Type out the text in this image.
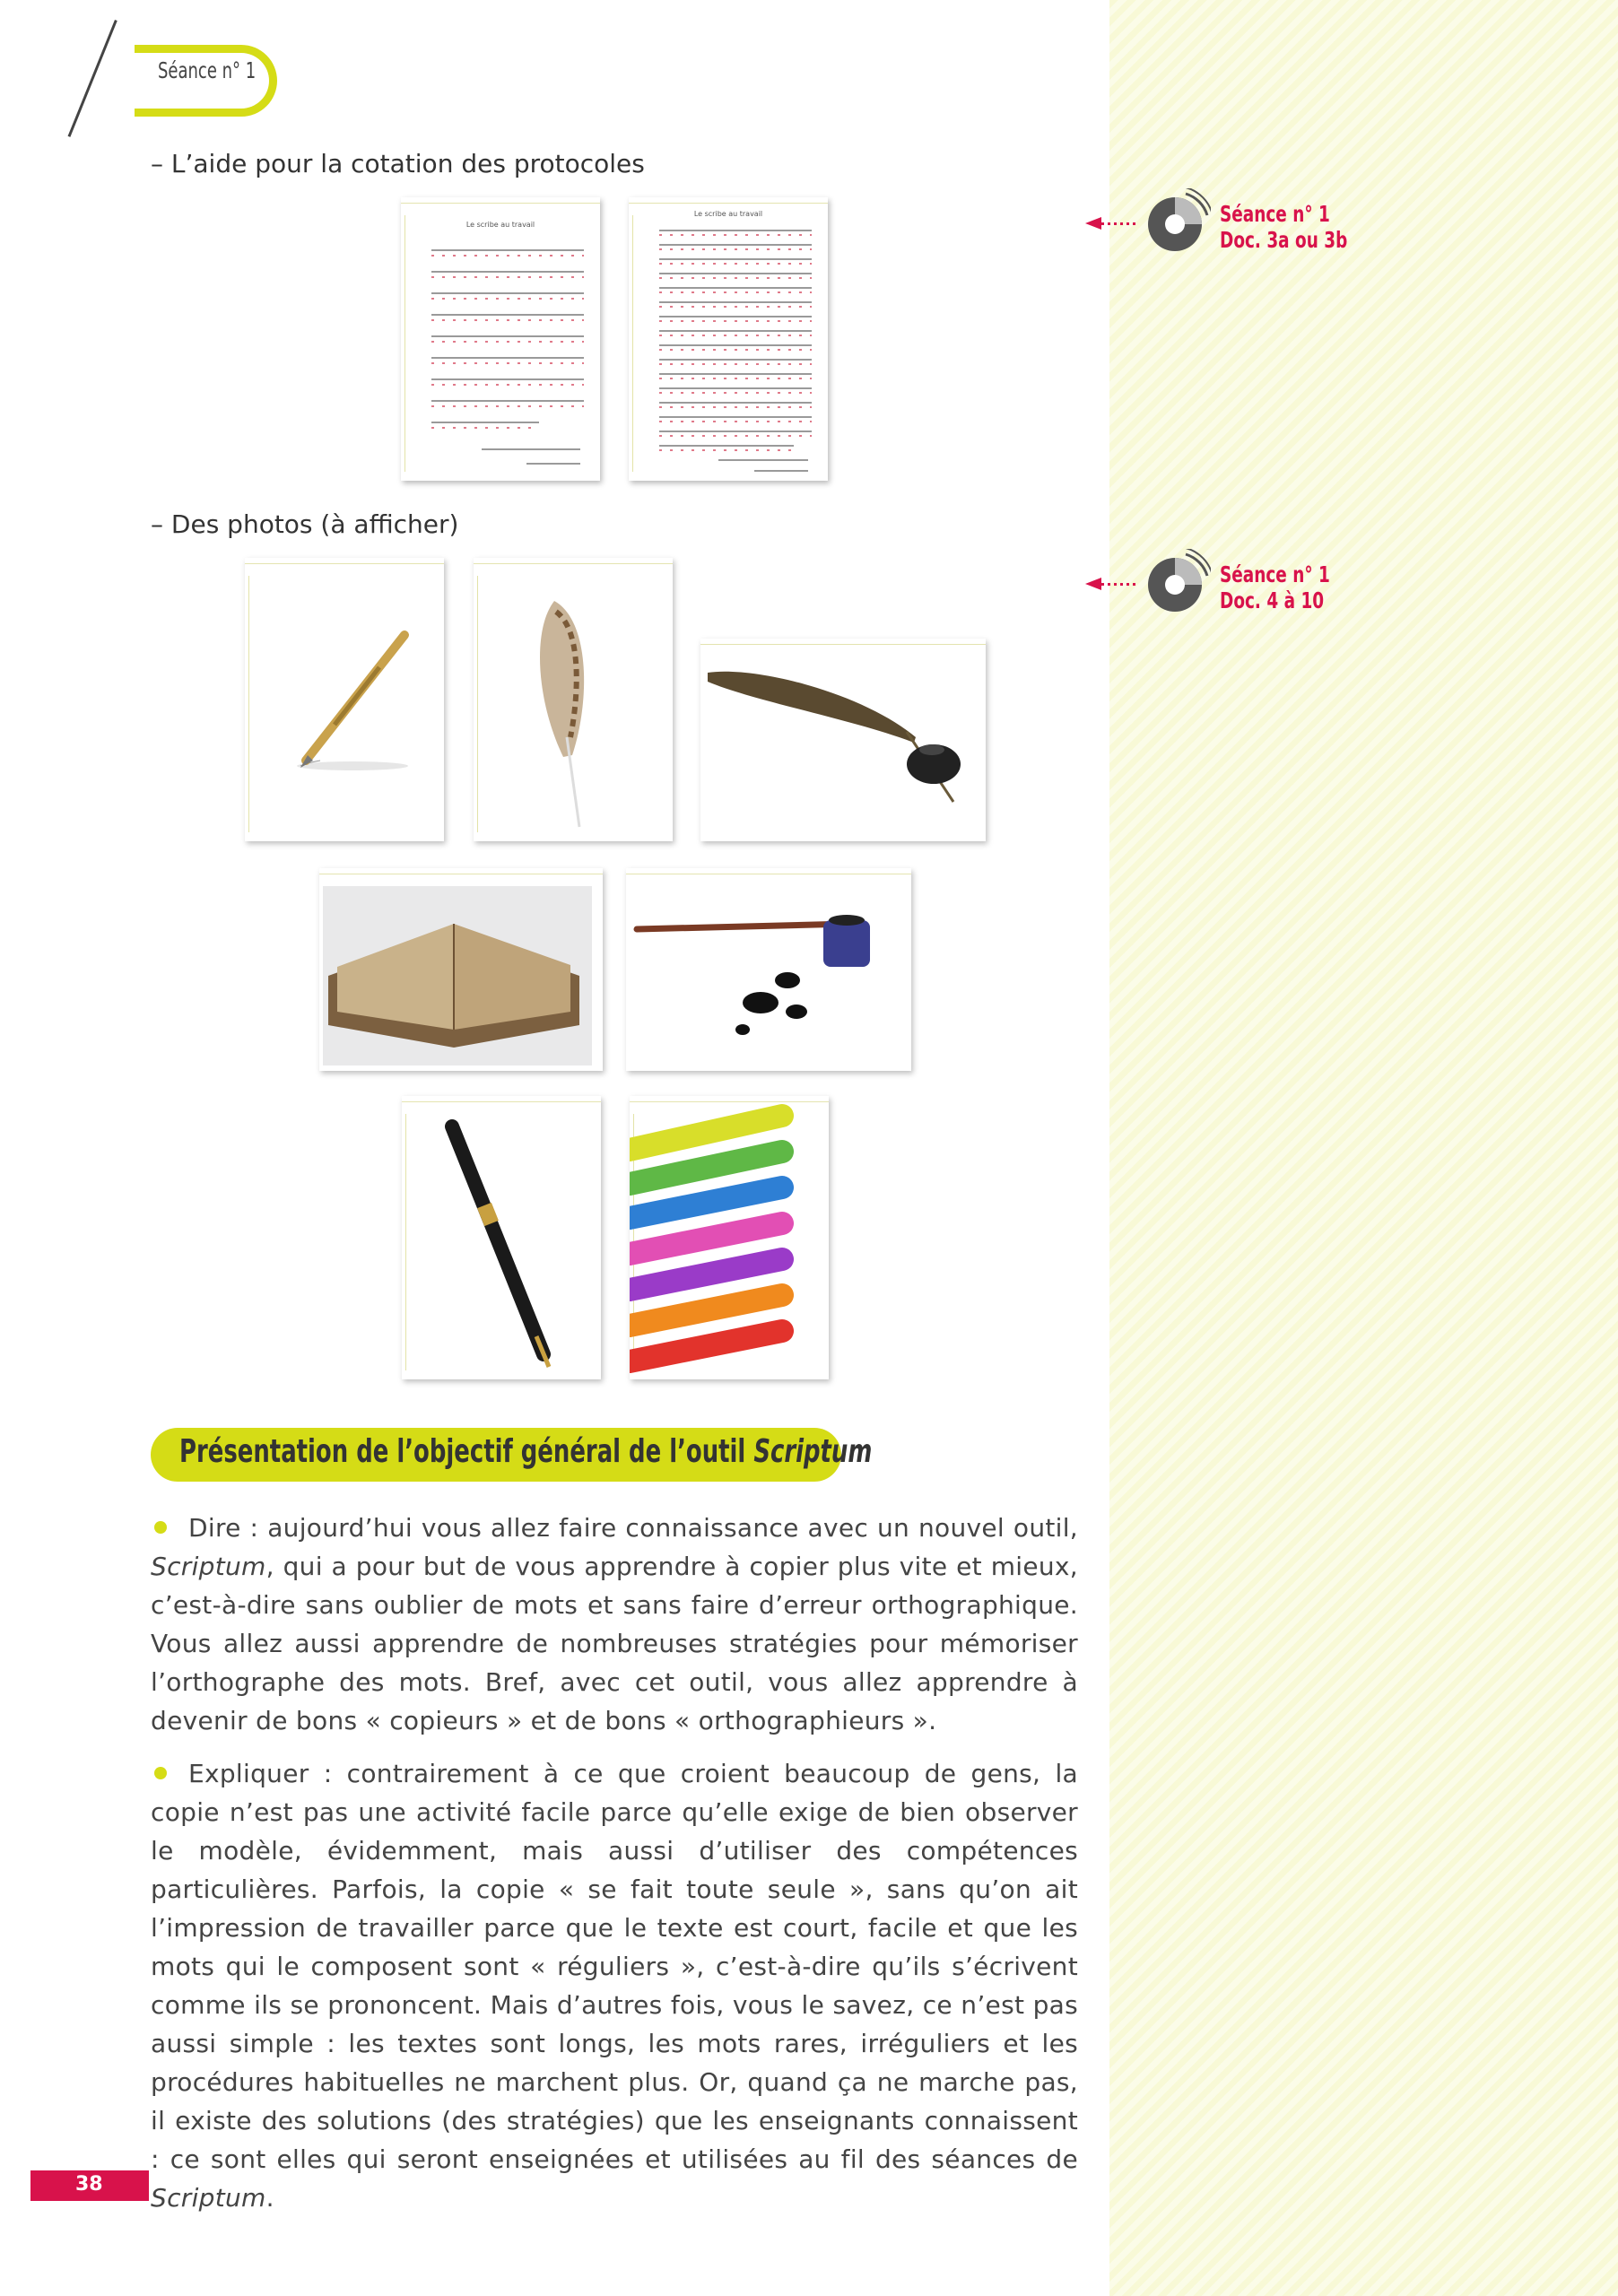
Séance n° 1
– L’aide pour la cotation des protocoles
Le scribe au travail
Le scribe au travail	Séance n° 1
Doc. 3a ou 3b
– Des photos (à afficher)
Séance n° 1
Doc. 4 à 10
Présentation de l’objectif général de l’outil Scriptum
Dire : aujourd’hui vous allez faire connaissance avec un nouvel outil, Scriptum, qui a pour but de vous apprendre à copier plus vite et mieux, c’est-à-dire sans oublier de mots et sans faire d’erreur orthographique. Vous allez aussi apprendre de nombreuses stratégies pour mémoriser l’orthographe des mots. Bref, avec cet outil, vous allez apprendre à devenir de bons « copieurs » et de bons « orthographieurs ».
Expliquer : contrairement à ce que croient beaucoup de gens, la copie n’est pas une activité facile parce qu’elle exige de bien observer le modèle, évidemment, mais aussi d’utiliser des compétences particulières. Parfois, la copie « se fait toute seule », sans qu’on ait l’impression de travailler parce que le texte est court, facile et que les mots qui le composent sont « réguliers », c’est-à-dire qu’ils s’écrivent comme ils se prononcent. Mais d’autres fois, vous le savez, ce n’est pas aussi simple : les textes sont longs, les mots rares, irréguliers et les procédures habituelles ne marchent plus. Or, quand ça ne marche pas, il existe des solutions (des stratégies) que les enseignants connaissent : ce sont elles qui seront enseignées et utilisées au fil des séances de Scriptum.
38
